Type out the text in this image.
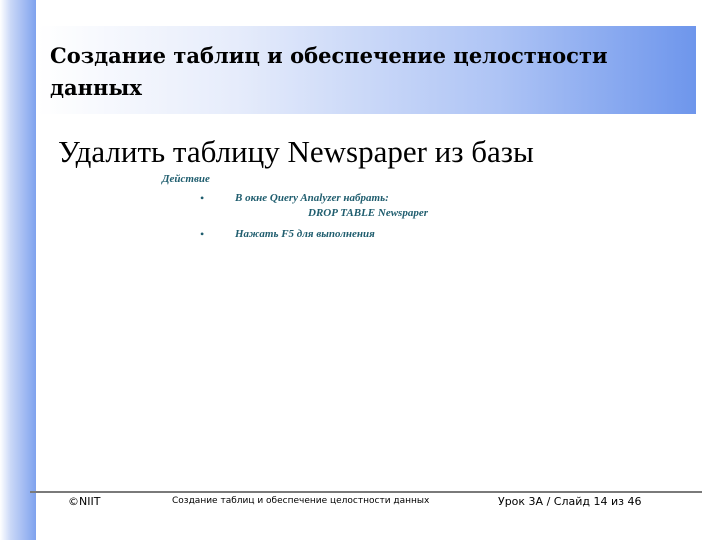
Создание таблиц и обеспечение целостности данных
Удалить таблицу Newspaper из базы
Действие
•	В окне Query Analyzer набрать:
DROP TABLE Newspaper
•	Нажать F5 для выполнения
©NIIT	Создание таблиц и обеспечение целостности данных	Урок 3A / Слайд 14 из 46
